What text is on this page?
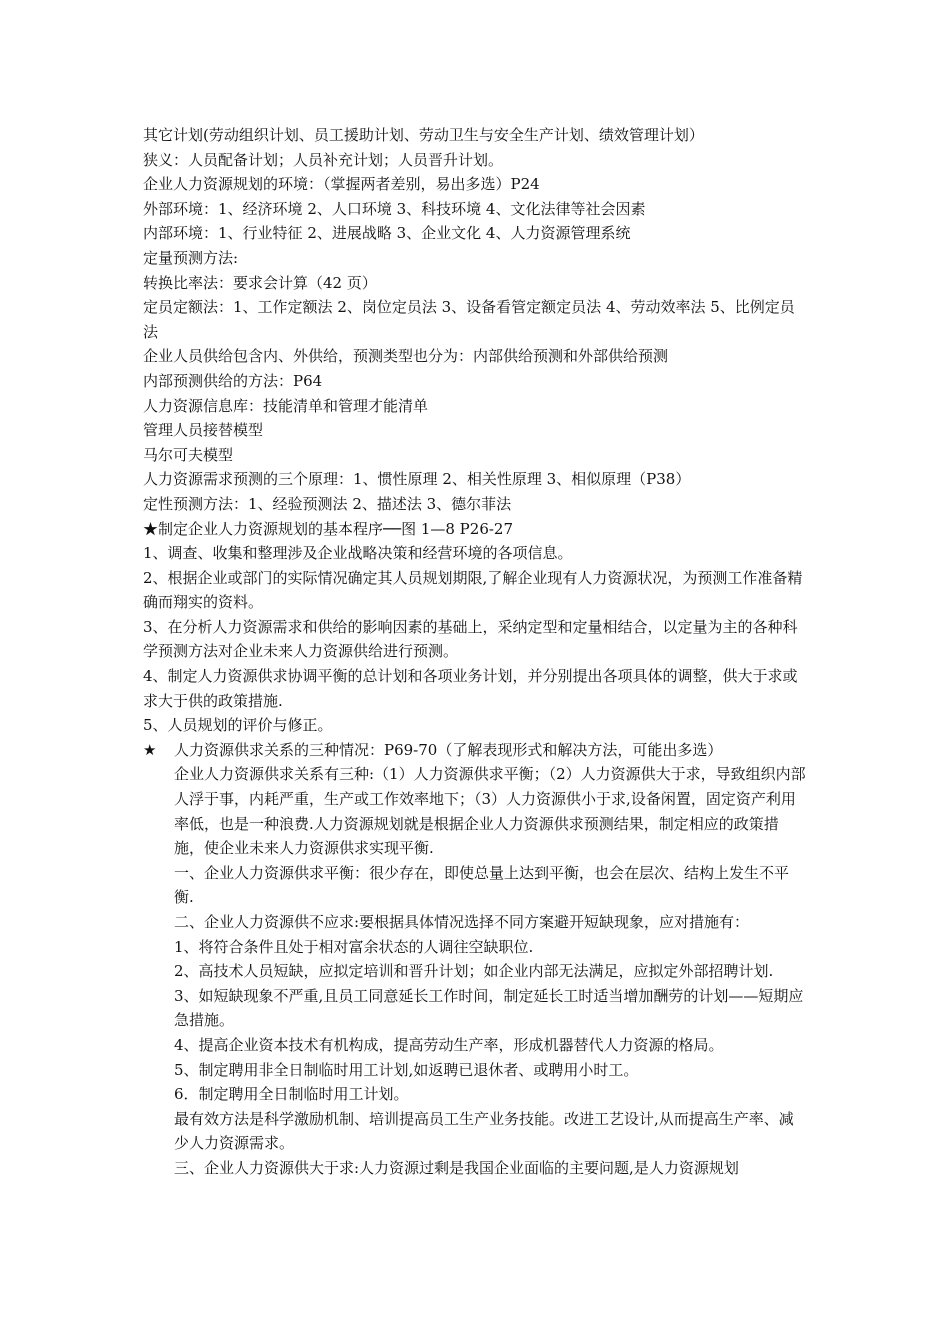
其它计划(劳动组织计划、员工援助计划、劳动卫生与安全生产计划、绩效管理计划）

狭义：人员配备计划；人员补充计划；人员晋升计划。

企业人力资源规划的环境：（掌握两者差别，易出多选）P24

外部环境：1、经济环境 2、人口环境 3、科技环境 4、文化法律等社会因素

内部环境：1、行业特征 2、进展战略 3、企业文化 4、人力资源管理系统

定量预测方法:

转换比率法：要求会计算（42 页）

定员定额法：1、工作定额法 2、岗位定员法 3、设备看管定额定员法 4、劳动效率法 5、比例定员法

企业人员供给包含内、外供给，预测类型也分为：内部供给预测和外部供给预测

内部预测供给的方法：P64

人力资源信息库：技能清单和管理才能清单

管理人员接替模型

马尔可夫模型

人力资源需求预测的三个原理：1、惯性原理 2、相关性原理 3、相似原理（P38）

定性预测方法：1、经验预测法 2、描述法 3、德尔菲法

★制定企业人力资源规划的基本程序──图 1—8 P26-27

1、调查、收集和整理涉及企业战略决策和经营环境的各项信息。

2、根据企业或部门的实际情况确定其人员规划期限,了解企业现有人力资源状况，为预测工作准备精确而翔实的资料。

3、在分析人力资源需求和供给的影响因素的基础上，采纳定型和定量相结合，以定量为主的各种科学预测方法对企业未来人力资源供给进行预测。

4、制定人力资源供求协调平衡的总计划和各项业务计划，并分别提出各项具体的调整，供大于求或求大于供的政策措施.

5、人员规划的评价与修正。

★ 人力资源供求关系的三种情况：P69-70（了解表现形式和解决方法，可能出多选）

企业人力资源供求关系有三种:（1）人力资源供求平衡；（2）人力资源供大于求，导致组织内部人浮于事，内耗严重，生产或工作效率地下；（3）人力资源供小于求,设备闲置，固定资产利用率低，也是一种浪费.人力资源规划就是根据企业人力资源供求预测结果，制定相应的政策措施，使企业未来人力资源供求实现平衡.

一、企业人力资源供求平衡：很少存在，即使总量上达到平衡，也会在层次、结构上发生不平衡.

二、企业人力资源供不应求:要根据具体情况选择不同方案避开短缺现象，应对措施有：

1、将符合条件且处于相对富余状态的人调往空缺职位.

2、高技术人员短缺，应拟定培训和晋升计划；如企业内部无法满足，应拟定外部招聘计划.

3、如短缺现象不严重,且员工同意延长工作时间，制定延长工时适当增加酬劳的计划——短期应急措施。

4、提高企业资本技术有机构成，提高劳动生产率，形成机器替代人力资源的格局。

5、制定聘用非全日制临时用工计划,如返聘已退休者、或聘用小时工。

6．制定聘用全日制临时用工计划。

最有效方法是科学激励机制、培训提高员工生产业务技能。改进工艺设计,从而提高生产率、减少人力资源需求。

三、企业人力资源供大于求:人力资源过剩是我国企业面临的主要问题,是人力资源规划
